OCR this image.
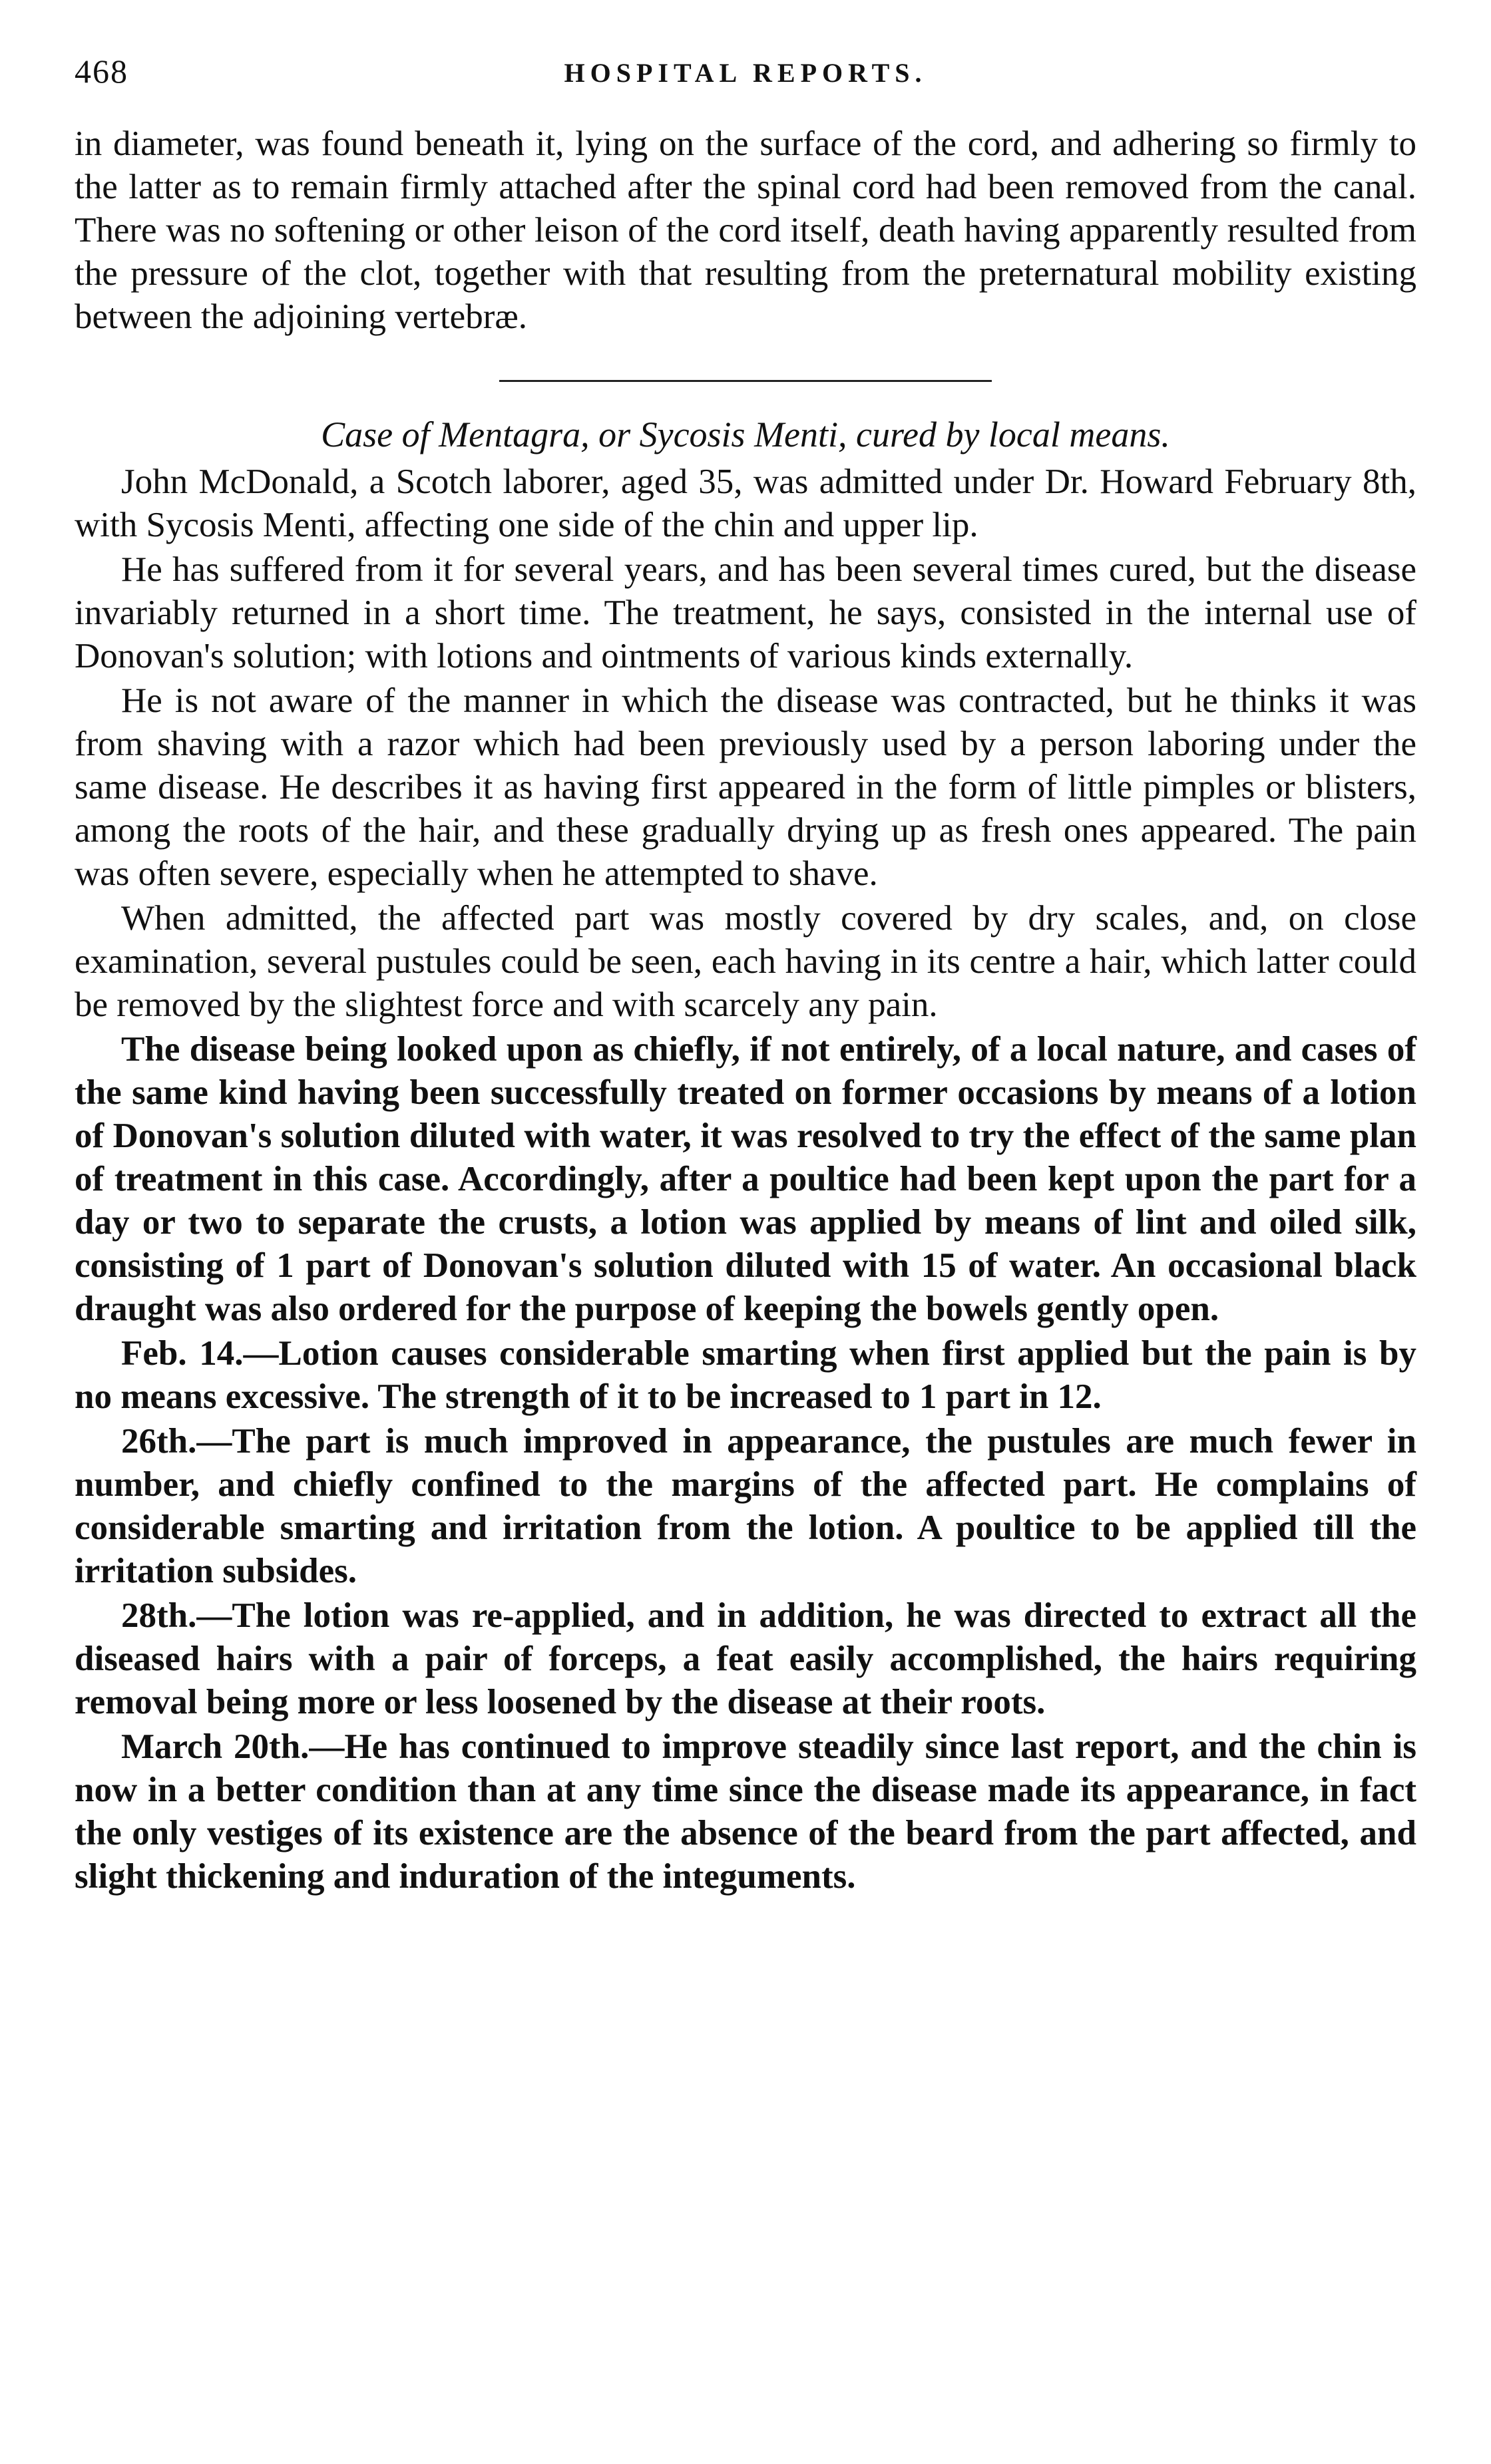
468	HOSPITAL REPORTS.

in diameter, was found beneath it, lying on the surface of the cord, and adhering so firmly to the latter as to remain firmly attached after the spinal cord had been removed from the canal. There was no softening or other leison of the cord itself, death having apparently resulted from the pressure of the clot, together with that resulting from the preternatural mobility existing between the adjoining vertebræ.

Case of Mentagra, or Sycosis Menti, cured by local means.

John McDonald, a Scotch laborer, aged 35, was admitted under Dr. Howard February 8th, with Sycosis Menti, affecting one side of the chin and upper lip.

He has suffered from it for several years, and has been several times cured, but the disease invariably returned in a short time. The treatment, he says, consisted in the internal use of Donovan's solution; with lotions and ointments of various kinds externally.

He is not aware of the manner in which the disease was contracted, but he thinks it was from shaving with a razor which had been previously used by a person laboring under the same disease. He describes it as having first appeared in the form of little pimples or blisters, among the roots of the hair, and these gradually drying up as fresh ones appeared. The pain was often severe, especially when he attempted to shave.

When admitted, the affected part was mostly covered by dry scales, and, on close examination, several pustules could be seen, each having in its centre a hair, which latter could be removed by the slightest force and with scarcely any pain.

The disease being looked upon as chiefly, if not entirely, of a local nature, and cases of the same kind having been successfully treated on former occasions by means of a lotion of Donovan's solution diluted with water, it was resolved to try the effect of the same plan of treatment in this case. Accordingly, after a poultice had been kept upon the part for a day or two to separate the crusts, a lotion was applied by means of lint and oiled silk, consisting of 1 part of Donovan's solution diluted with 15 of water. An occasional black draught was also ordered for the purpose of keeping the bowels gently open.

Feb. 14.—Lotion causes considerable smarting when first applied but the pain is by no means excessive. The strength of it to be increased to 1 part in 12.

26th.—The part is much improved in appearance, the pustules are much fewer in number, and chiefly confined to the margins of the affected part. He complains of considerable smarting and irritation from the lotion. A poultice to be applied till the irritation subsides.

28th.—The lotion was re-applied, and in addition, he was directed to extract all the diseased hairs with a pair of forceps, a feat easily accomplished, the hairs requiring removal being more or less loosened by the disease at their roots.

March 20th.—He has continued to improve steadily since last report, and the chin is now in a better condition than at any time since the disease made its appearance, in fact the only vestiges of its existence are the absence of the beard from the part affected, and slight thickening and induration of the integuments.
